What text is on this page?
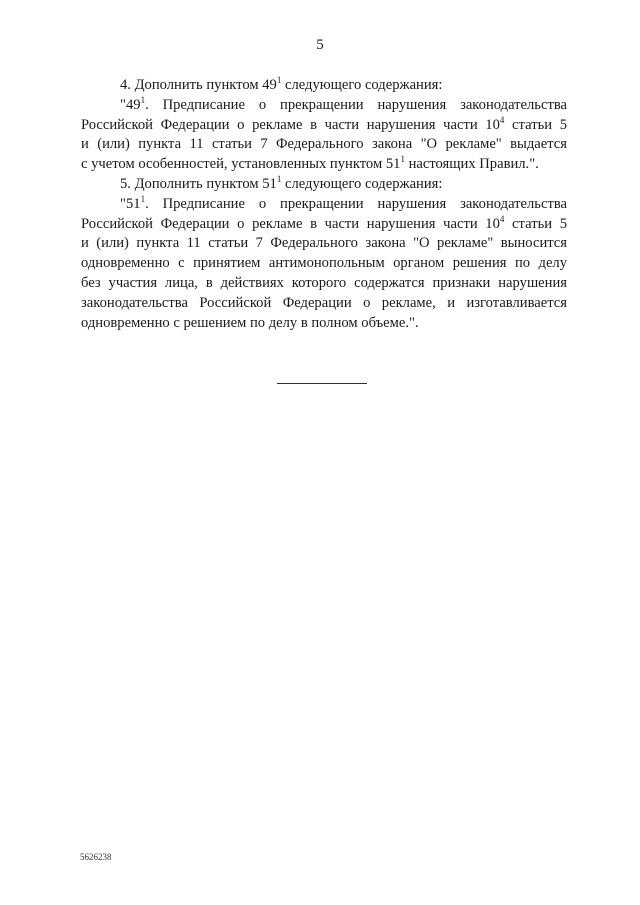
5
4. Дополнить пунктом $49^1$ следующего содержания:
"$49^1$. Предписание о прекращении нарушения законодательства
Российской Федерации о рекламе в части нарушения части $10^4$ статьи 5
и (или) пункта 11 статьи 7 Федерального закона "О рекламе" выдается
с учетом особенностей, установленных пунктом $51^1$ настоящих Правил.".
5. Дополнить пунктом $51^1$ следующего содержания:
"$51^1$. Предписание о прекращении нарушения законодательства
Российской Федерации о рекламе в части нарушения части $10^4$ статьи 5
и (или) пункта 11 статьи 7 Федерального закона "О рекламе" выносится
одновременно с принятием антимонопольным органом решения по делу
без участия лица, в действиях которого содержатся признаки нарушения
законодательства Российской Федерации о рекламе, и изготавливается
одновременно с решением по делу в полном объеме.".
5626238
